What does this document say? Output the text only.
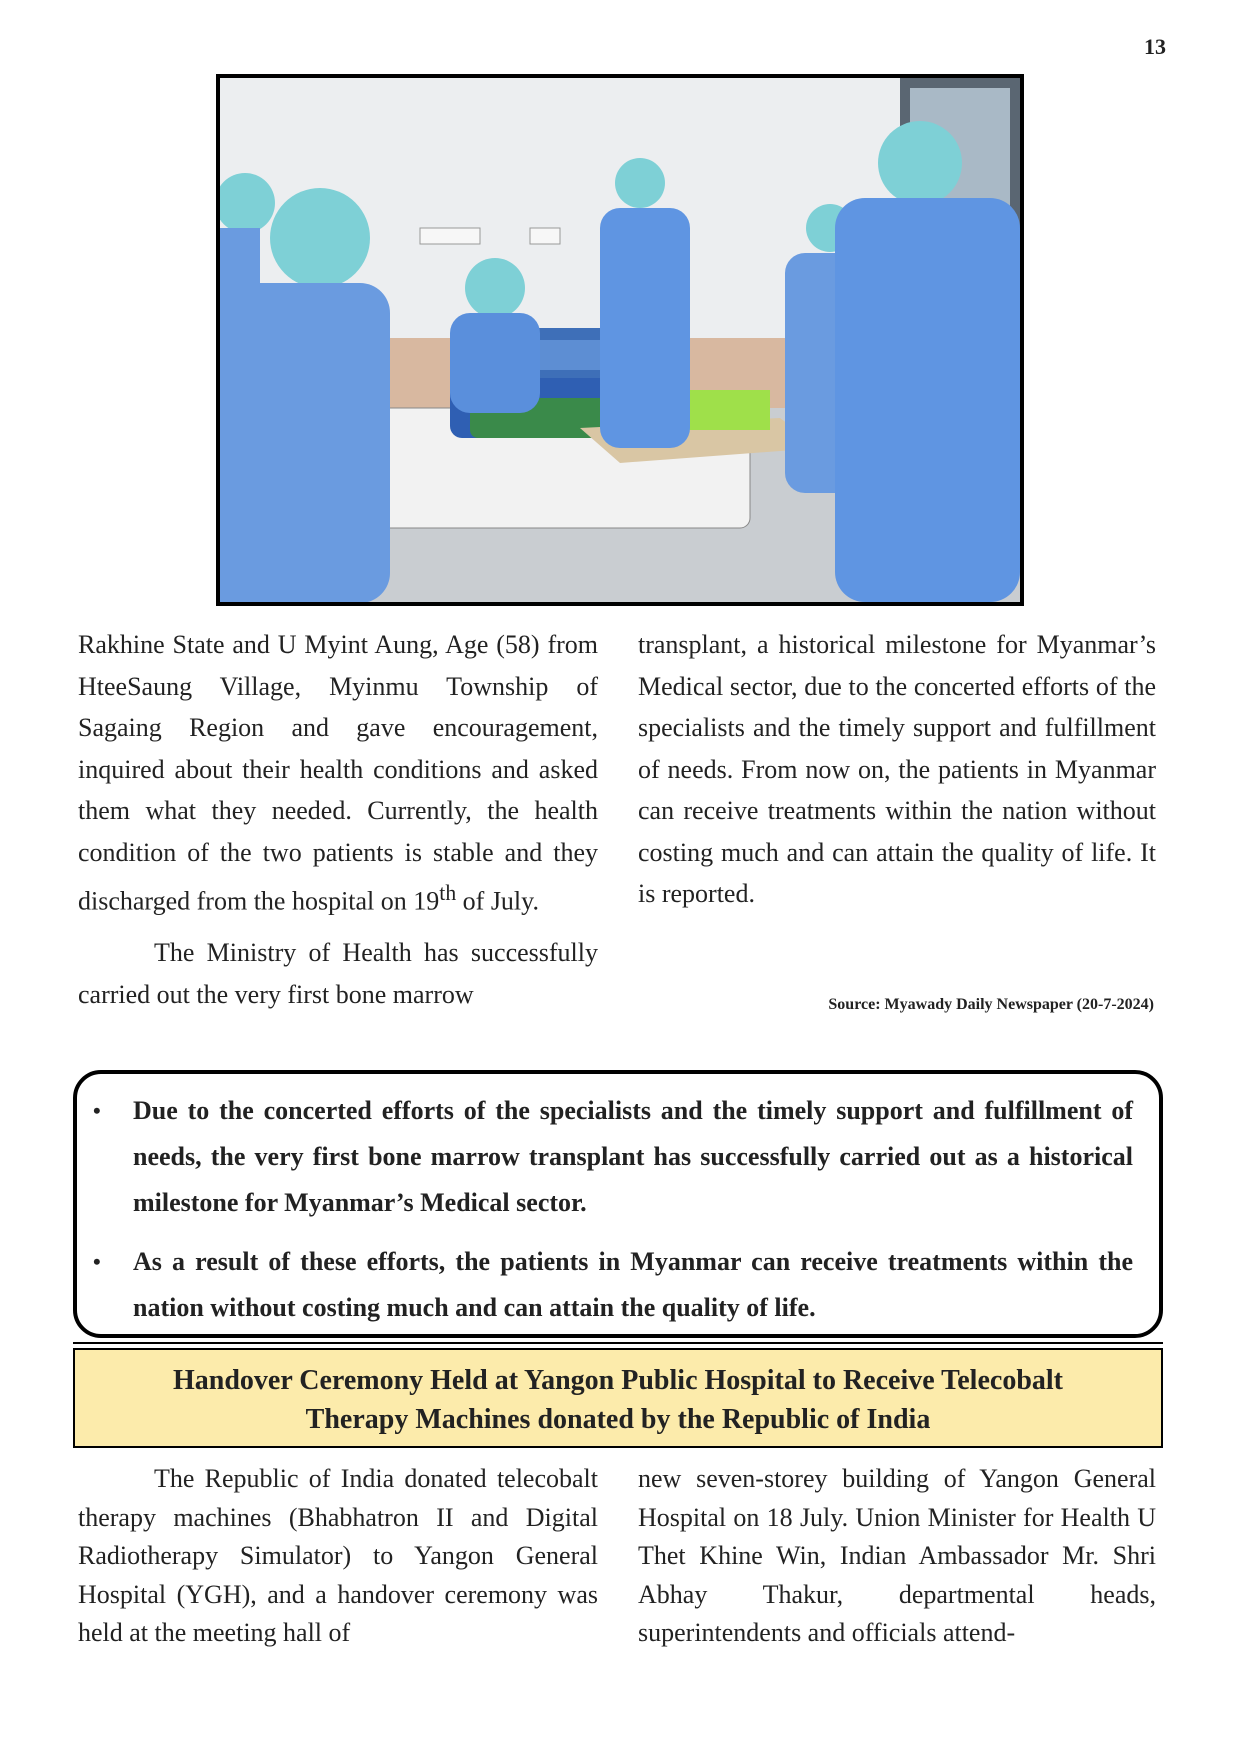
13

Rakhine State and U Myint Aung, Age (58) from HteeSaung Village, Myinmu Township of Sagaing Region and gave encouragement, inquired about their health conditions and asked them what they needed. Currently, the health condition of the two patients is stable and they discharged from the hospital on 19th of July.

The Ministry of Health has successfully carried out the very first bone marrow

transplant, a historical milestone for Myanmar’s Medical sector, due to the concerted efforts of the specialists and the timely support and fulfillment of needs. From now on, the patients in Myanmar can receive treatments within the nation without costing much and can attain the quality of life. It is reported.

Source: Myawady Daily Newspaper (20-7-2024)
• Due to the concerted efforts of the specialists and the timely support and fulfillment of needs, the very first bone marrow transplant has successfully carried out as a historical milestone for Myanmar’s Medical sector.
• As a result of these efforts, the patients in Myanmar can receive treatments within the nation without costing much and can attain the quality of life.
Handover Ceremony Held at Yangon Public Hospital to Receive Telecobalt
Therapy Machines donated by the Republic of India

The Republic of India donated telecobalt therapy machines (Bhabhatron II and Digital Radiotherapy Simulator) to Yangon General Hospital (YGH), and a handover ceremony was held at the meeting hall of

new seven-storey building of Yangon General Hospital on 18 July. Union Minister for Health U Thet Khine Win, Indian Ambassador Mr. Shri Abhay Thakur, departmental heads, superintendents and officials attend-
